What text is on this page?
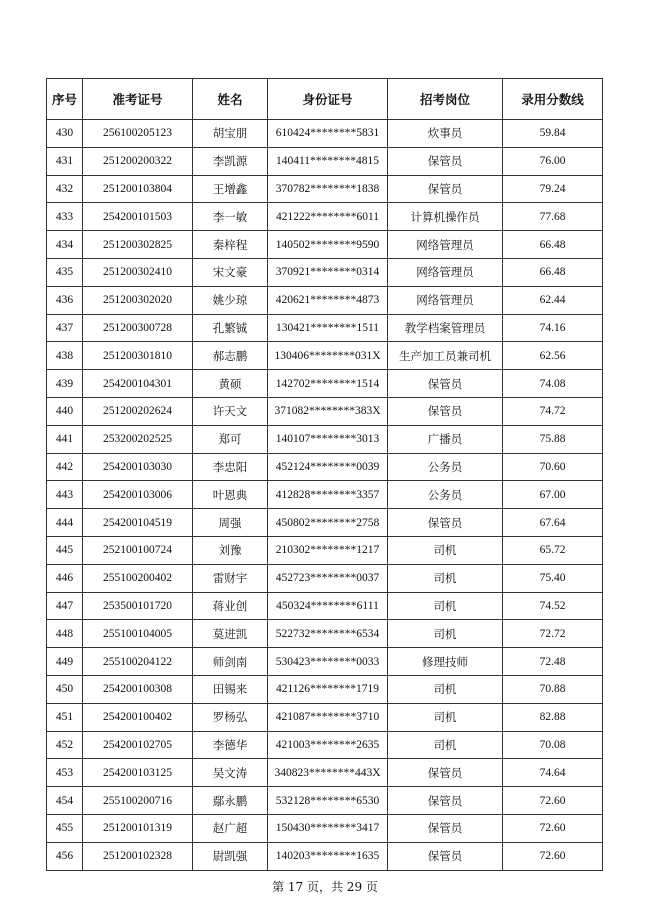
序号	准考证号	姓名	身份证号	招考岗位	录用分数线
430	256100205123	胡宝朋	610424********5831	炊事员	59.84
431	251200200322	李凯源	140411********4815	保管员	76.00
432	251200103804	王增鑫	370782********1838	保管员	79.24
433	254200101503	李一敏	421222********6011	计算机操作员	77.68
434	251200302825	秦梓程	140502********9590	网络管理员	66.48
435	251200302410	宋文豪	370921********0314	网络管理员	66.48
436	251200302020	姚少琼	420621********4873	网络管理员	62.44
437	251200300728	孔繁铖	130421********1511	教学档案管理员	74.16
438	251200301810	郝志鹏	130406********031X	生产加工员兼司机	62.56
439	254200104301	黄硕	142702********1514	保管员	74.08
440	251200202624	许天文	371082********383X	保管员	74.72
441	253200202525	郑可	140107********3013	广播员	75.88
442	254200103030	李忠阳	452124********0039	公务员	70.60
443	254200103006	叶恩典	412828********3357	公务员	67.00
444	254200104519	周强	450802********2758	保管员	67.64
445	252100100724	刘豫	210302********1217	司机	65.72
446	255100200402	雷财宇	452723********0037	司机	75.40
447	253500101720	蒋业创	450324********6111	司机	74.52
448	255100104005	莫进凯	522732********6534	司机	72.72
449	255100204122	师剑南	530423********0033	修理技师	72.48
450	254200100308	田锡来	421126********1719	司机	70.88
451	254200100402	罗杨弘	421087********3710	司机	82.88
452	254200102705	李德华	421003********2635	司机	70.08
453	254200103125	吴文涛	340823********443X	保管员	74.64
454	255100200716	鄢永鹏	532128********6530	保管员	72.60
455	251200101319	赵广超	150430********3417	保管员	72.60
456	251200102328	尉凯强	140203********1635	保管员	72.60
第 17 页，共 29 页
